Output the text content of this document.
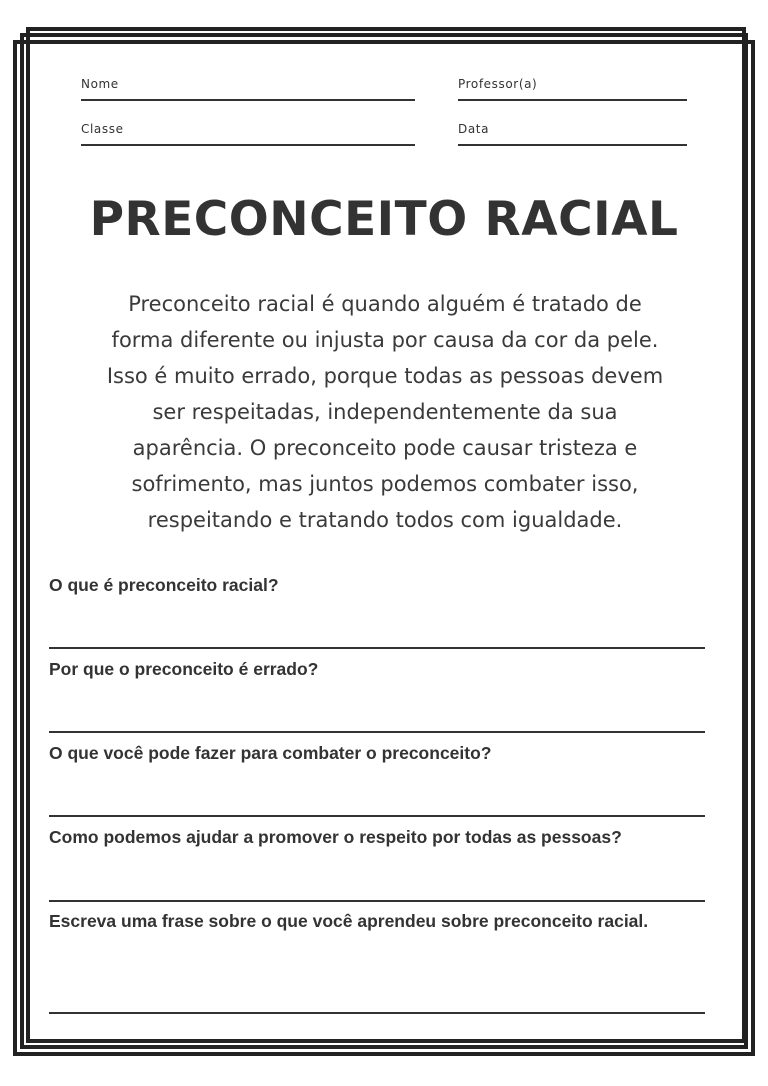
Nome	Professor(a)
Classe	Data
PRECONCEITO RACIAL
Preconceito racial é quando alguém é tratado de forma diferente ou injusta por causa da cor da pele. Isso é muito errado, porque todas as pessoas devem ser respeitadas, independentemente da sua aparência. O preconceito pode causar tristeza e sofrimento, mas juntos podemos combater isso, respeitando e tratando todos com igualdade.
O que é preconceito racial?
Por que o preconceito é errado?
O que você pode fazer para combater o preconceito?
Como podemos ajudar a promover o respeito por todas as pessoas?
Escreva uma frase sobre o que você aprendeu sobre preconceito racial.
